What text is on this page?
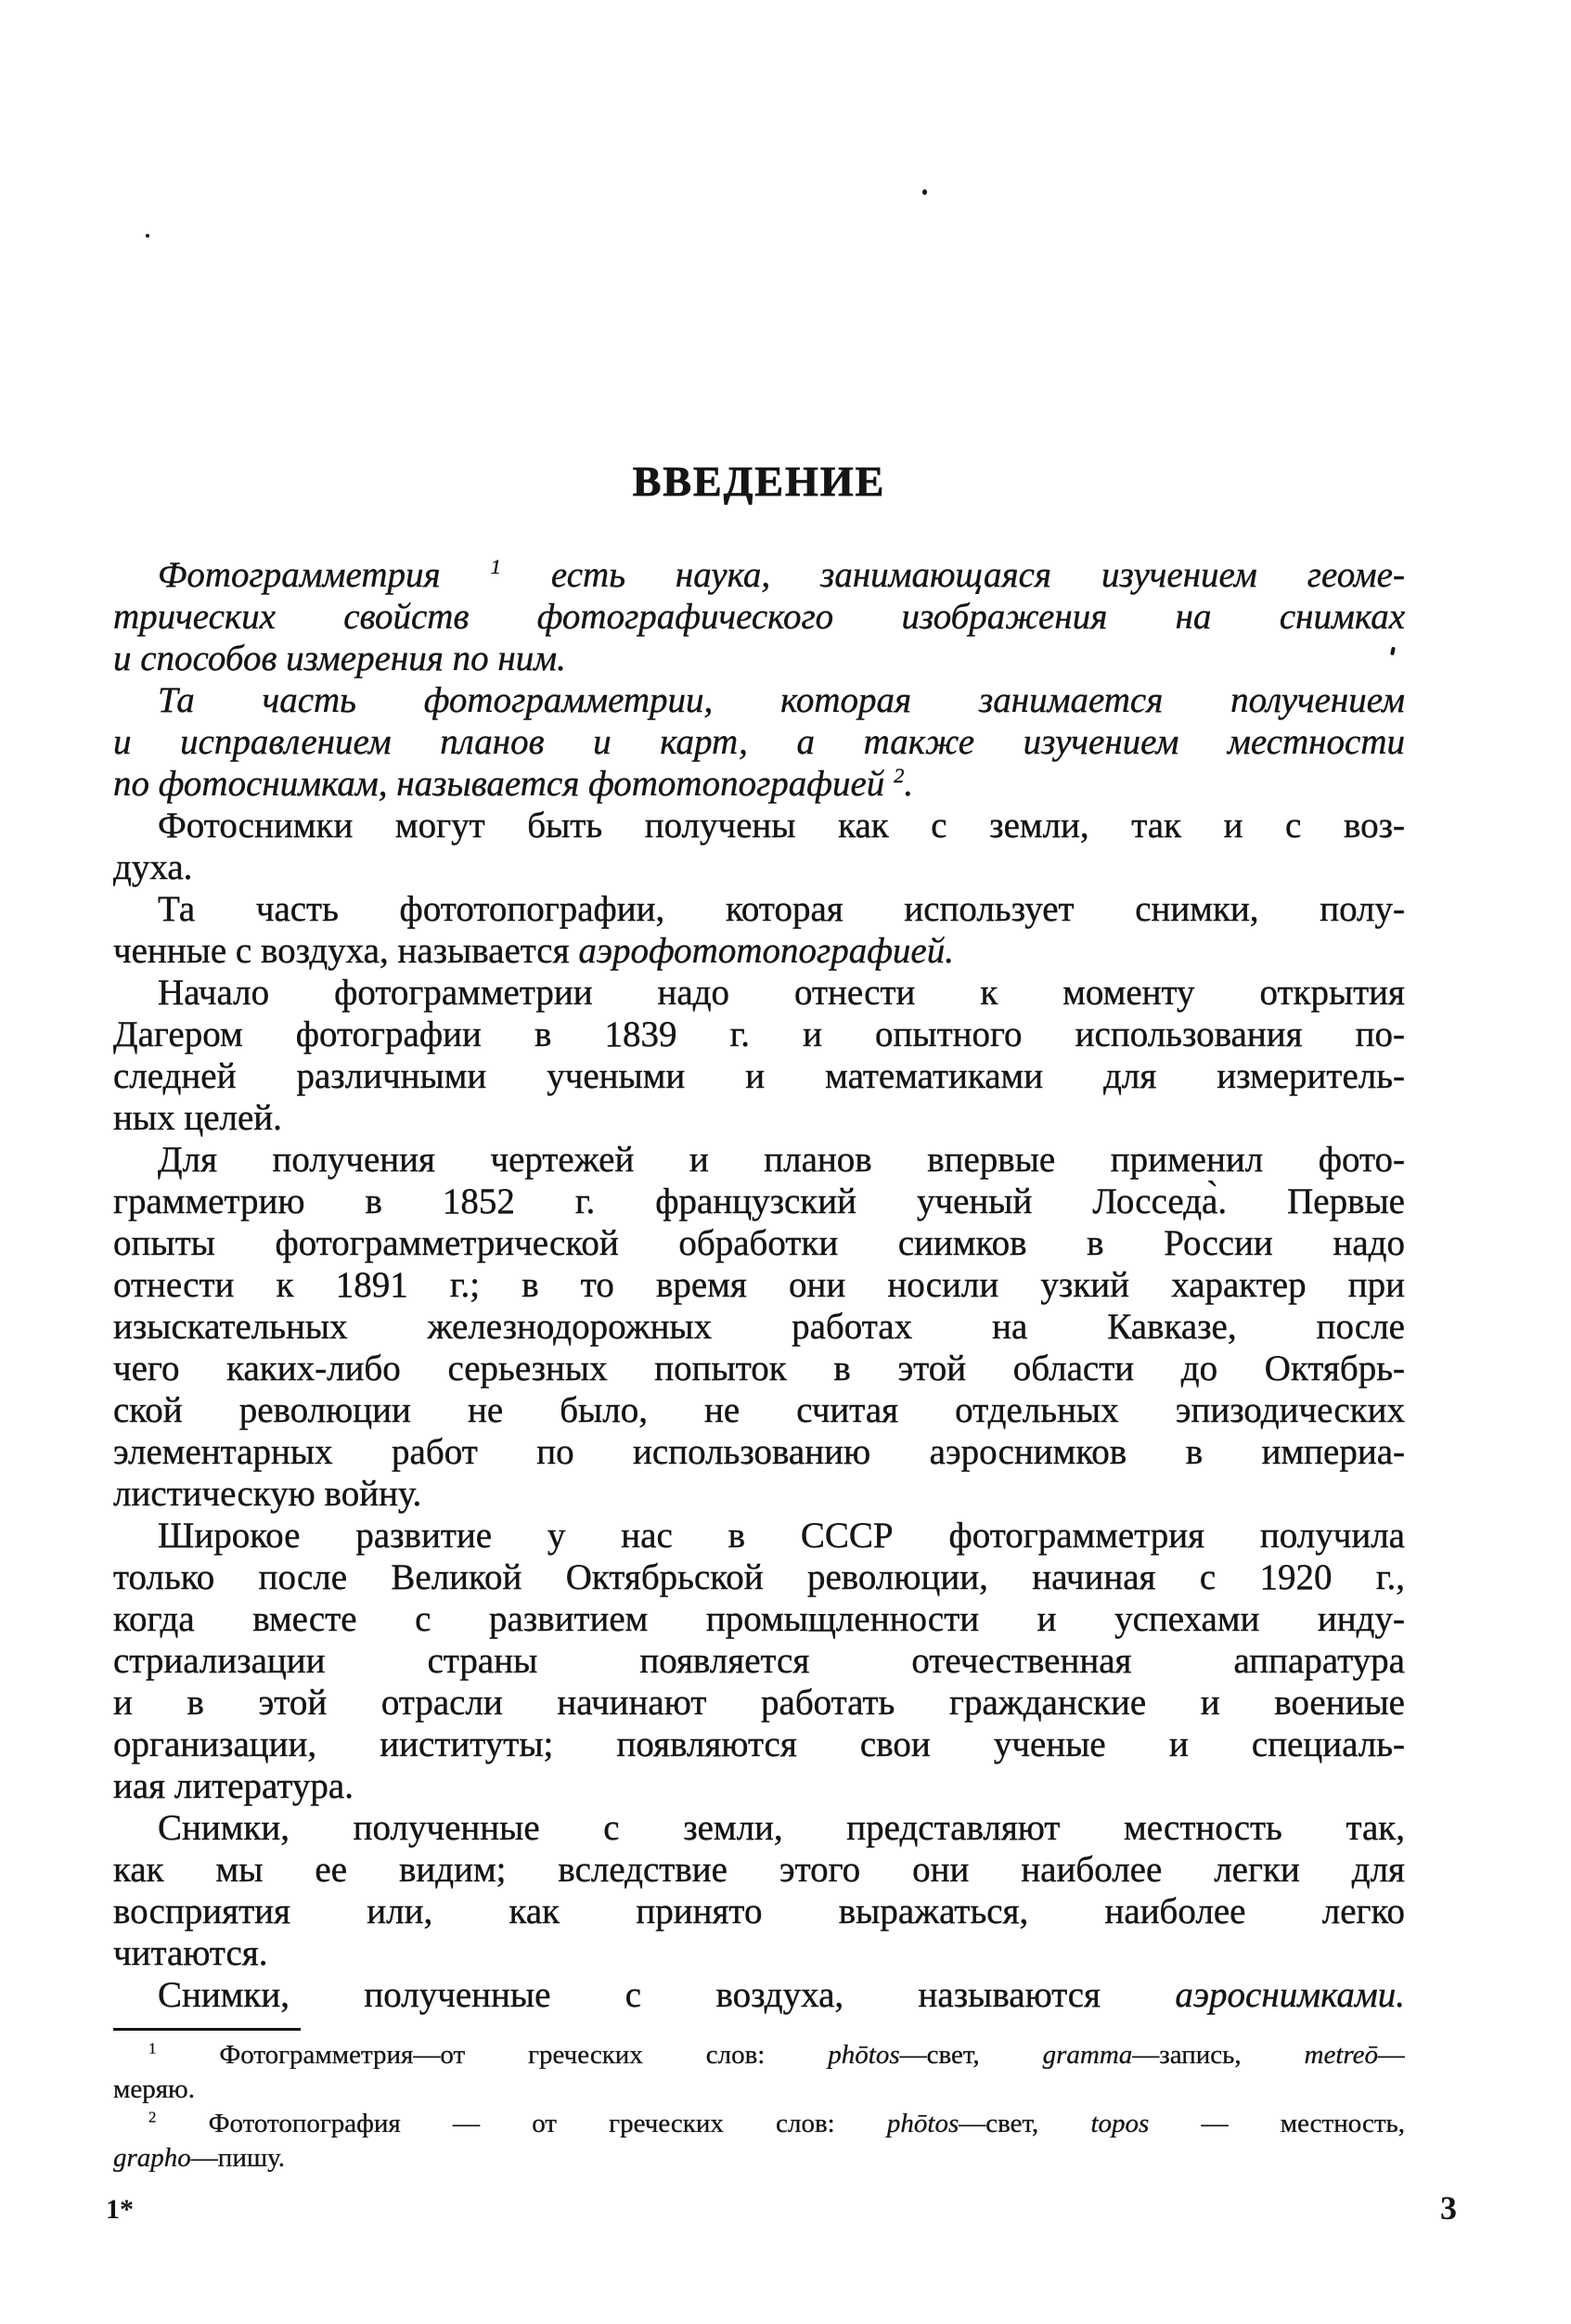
ВВЕДЕНИЕ
Фотограмметрия $^1$ есть наука, занимающаяся изучением геоме-
трических свойств фотографического изображения на снимках
и способов измерения по ним.
Та часть фотограмметрии, которая занимается получением
и исправлением планов и карт, а также изучением местности
по фотоснимкам, называется фототопографией $^2$.
Фотоснимки могут быть получены как с земли, так и с воз-
духа.
Та часть фототопографии, которая использует снимки, полу-
ченные с воздуха, называется аэрофототопографией.
Начало фотограмметрии надо отнести к моменту открытия
Дагером фотографии в 1839 г. и опытного использования по-
следней различными учеными и математиками для измеритель-
ных целей.
Для получения чертежей и планов впервые применил фото-
грамметрию в 1852 г. французский ученый Лосседа̀. Первые
опыты фотограмметрической обработки сиимков в России надо
отнести к 1891 г.; в то время они носили узкий характер при
изыскательных железнодорожных работах на Кавказе, после
чего каких-либо серьезных попыток в этой области до Октябрь-
ской революции не было, не считая отдельных эпизодических
элементарных работ по использованию аэроснимков в империа-
листическую войну.
Широкое развитие у нас в СССР фотограмметрия получила
только после Великой Октябрьской революции, начиная с 1920 г.,
когда вместе с развитием промыщленности и успехами инду-
стриализации страны появляется отечественная аппаратура
и в этой отрасли начинают работать гражданские и воениые
организации, ииституты; появляются свои ученые и специаль-
иая литература.
Снимки, полученные с земли, представляют местность так,
как мы ее видим; вследствие этого они наиболее легки для
восприятия или, как принято выражаться, наиболее легко
читаются.
Снимки, полученные с воздуха, называются аэроснимками.
$^1$ Фотограмметрия—от греческих слов: phōtos—свет, gramma—запись, metreō—
меряю.
$^2$ Фототопография — от греческих слов: phōtos—свет, topos — местность,
grapho—пишу.
1*	3
